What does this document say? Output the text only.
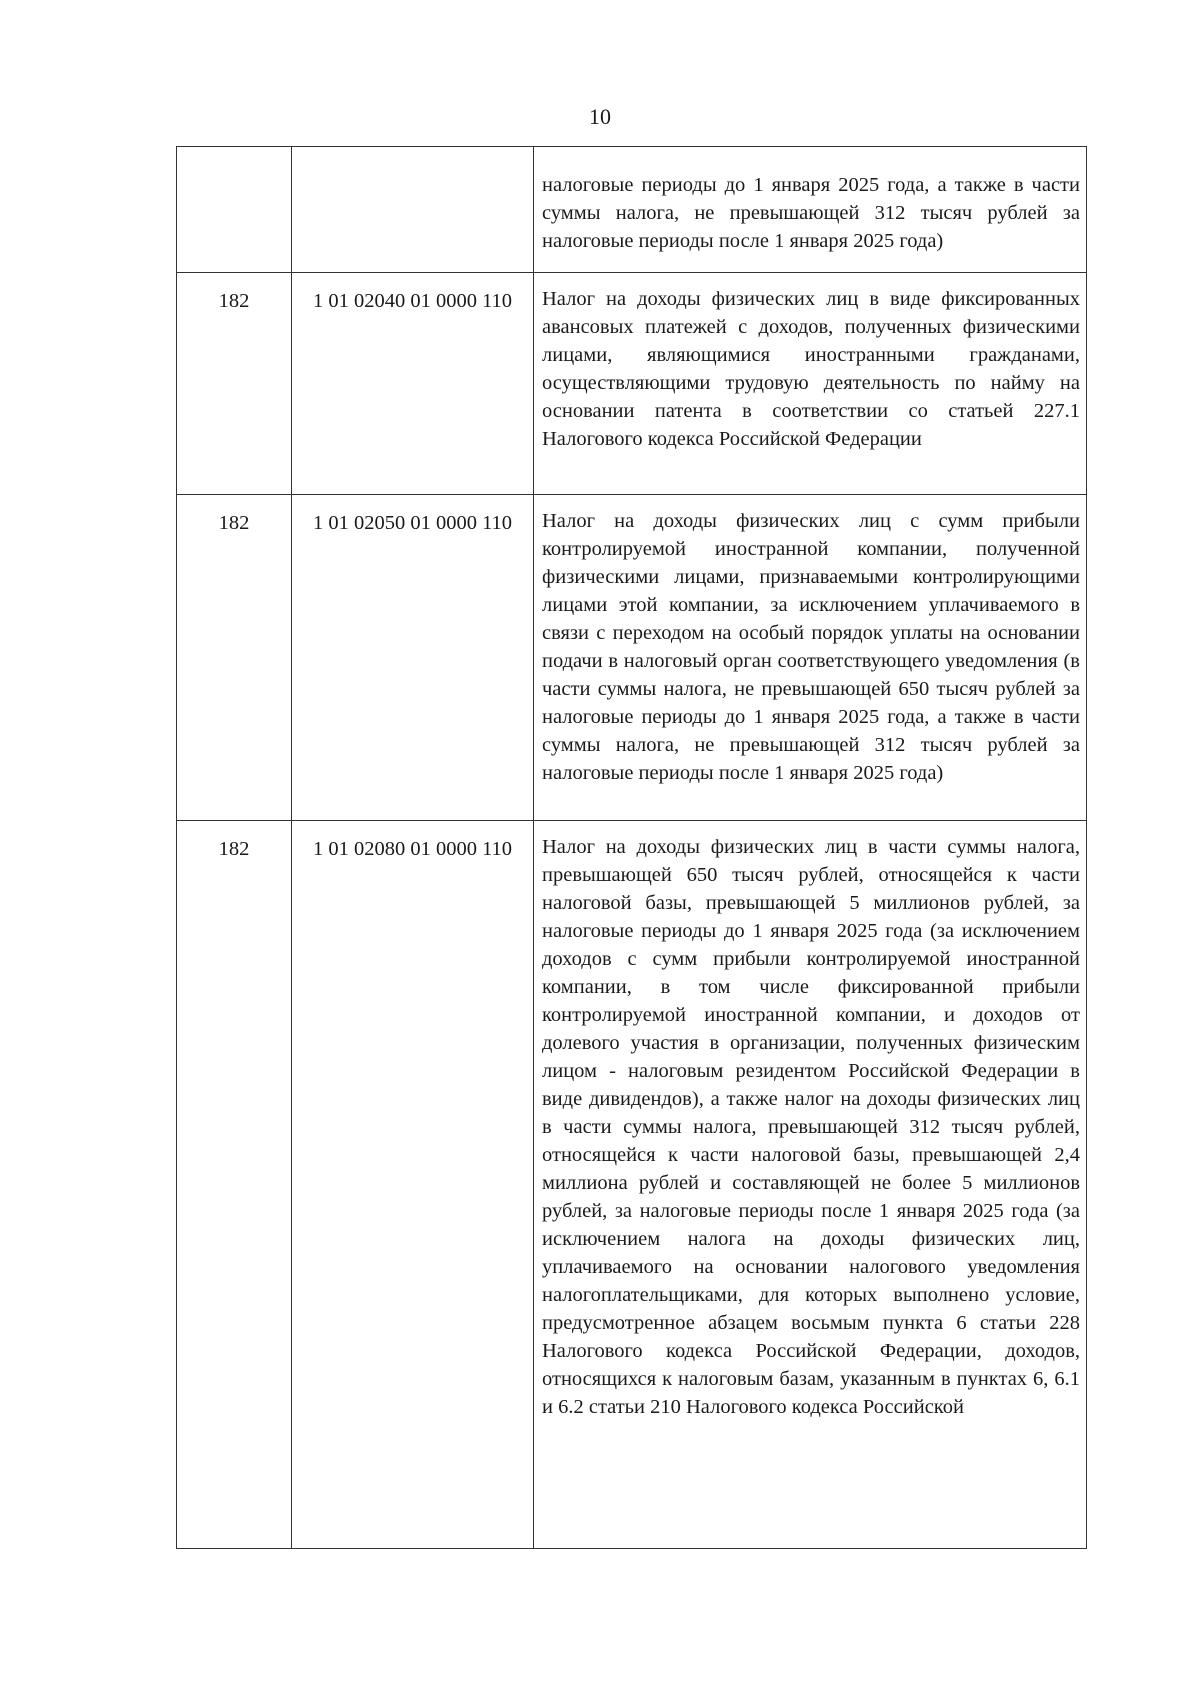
10
		налоговые периоды до 1 января 2025 года, а также в части суммы налога, не превышающей 312 тысяч рублей за налоговые периоды после 1 января 2025 года)
182	1 01 02040 01 0000 110	Налог на доходы физических лиц в виде фиксированных авансовых платежей с доходов, полученных физическими лицами, являющимися иностранными гражданами, осуществляющими трудовую деятельность по найму на основании патента в соответствии со статьей 227.1 Налогового кодекса Российской Федерации
182	1 01 02050 01 0000 110	Налог на доходы физических лиц с сумм прибыли контролируемой иностранной компании, полученной физическими лицами, признаваемыми контролирующими лицами этой компании, за исключением уплачиваемого в связи с переходом на особый порядок уплаты на основании подачи в налоговый орган соответствующего уведомления (в части суммы налога, не превышающей 650 тысяч рублей за налоговые периоды до 1 января 2025 года, а также в части суммы налога, не превышающей 312 тысяч рублей за налоговые периоды после 1 января 2025 года)
182	1 01 02080 01 0000 110	Налог на доходы физических лиц в части суммы налога, превышающей 650 тысяч рублей, относящейся к части налоговой базы, превышающей 5 миллионов рублей, за налоговые периоды до 1 января 2025 года (за исключением доходов с сумм прибыли контролируемой иностранной компании, в том числе фиксированной прибыли контролируемой иностранной компании, и доходов от долевого участия в организации, полученных физическим лицом - налоговым резидентом Российской Федерации в виде дивидендов), а также налог на доходы физических лиц в части суммы налога, превышающей 312 тысяч рублей, относящейся к части налоговой базы, превышающей 2,4 миллиона рублей и составляющей не более 5 миллионов рублей, за налоговые периоды после 1 января 2025 года (за исключением налога на доходы физических лиц, уплачиваемого на основании налогового уведомления налогоплательщиками, для которых выполнено условие, предусмотренное абзацем восьмым пункта 6 статьи 228 Налогового кодекса Российской Федерации, доходов, относящихся к налоговым базам, указанным в пунктах 6, 6.1 и 6.2 статьи 210 Налогового кодекса Российской
